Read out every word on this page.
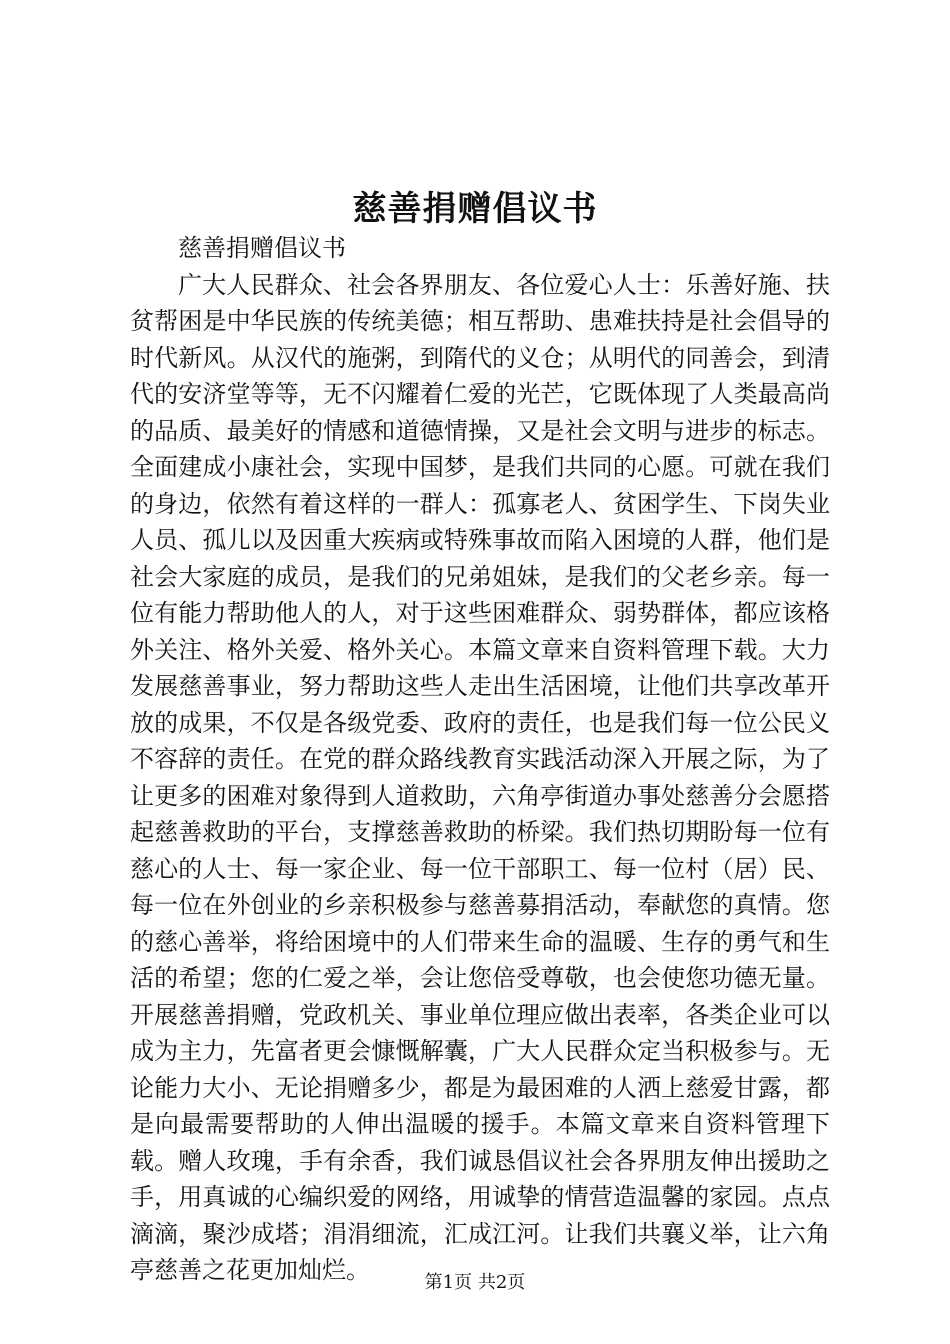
慈善捐赠倡议书

慈善捐赠倡议书

广大人民群众、社会各界朋友、各位爱心人士：乐善好施、扶贫帮困是中华民族的传统美德；相互帮助、患难扶持是社会倡导的时代新风。从汉代的施粥，到隋代的义仓；从明代的同善会，到清代的安济堂等等，无不闪耀着仁爱的光芒，它既体现了人类最高尚的品质、最美好的情感和道德情操，又是社会文明与进步的标志。全面建成小康社会，实现中国梦，是我们共同的心愿。可就在我们的身边，依然有着这样的一群人：孤寡老人、贫困学生、下岗失业人员、孤儿以及因重大疾病或特殊事故而陷入困境的人群，他们是社会大家庭的成员，是我们的兄弟姐妹，是我们的父老乡亲。每一位有能力帮助他人的人，对于这些困难群众、弱势群体，都应该格外关注、格外关爱、格外关心。本篇文章来自资料管理下载。大力发展慈善事业，努力帮助这些人走出生活困境，让他们共享改革开放的成果，不仅是各级党委、政府的责任，也是我们每一位公民义不容辞的责任。在党的群众路线教育实践活动深入开展之际，为了让更多的困难对象得到人道救助，六角亭街道办事处慈善分会愿搭起慈善救助的平台，支撑慈善救助的桥梁。我们热切期盼每一位有慈心的人士、每一家企业、每一位干部职工、每一位村（居）民、每一位在外创业的乡亲积极参与慈善募捐活动，奉献您的真情。您的慈心善举，将给困境中的人们带来生命的温暖、生存的勇气和生活的希望；您的仁爱之举，会让您倍受尊敬，也会使您功德无量。开展慈善捐赠，党政机关、事业单位理应做出表率，各类企业可以成为主力，先富者更会慷慨解囊，广大人民群众定当积极参与。无论能力大小、无论捐赠多少，都是为最困难的人洒上慈爱甘露，都是向最需要帮助的人伸出温暖的援手。本篇文章来自资料管理下载。赠人玫瑰，手有余香，我们诚恳倡议社会各界朋友伸出援助之手，用真诚的心编织爱的网络，用诚挚的情营造温馨的家园。点点滴滴，聚沙成塔；涓涓细流，汇成江河。让我们共襄义举，让六角亭慈善之花更加灿烂。	第1页 共2页
